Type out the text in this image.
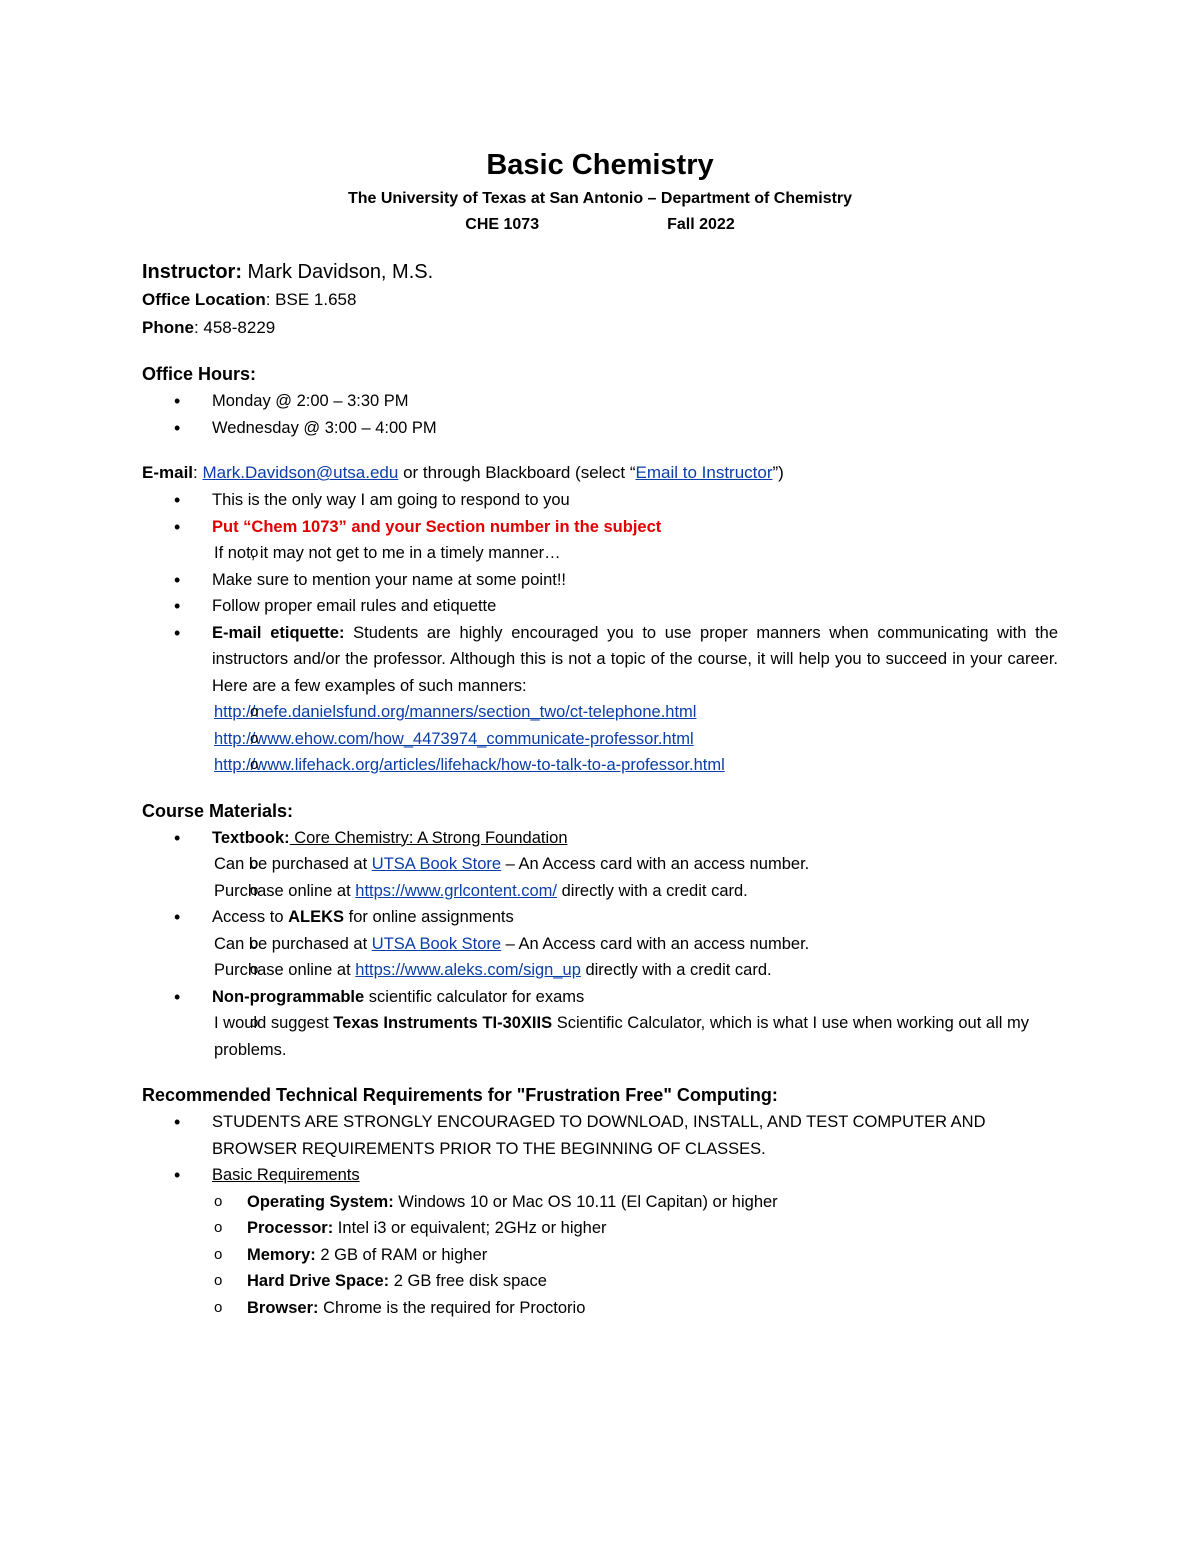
Basic Chemistry
The University of Texas at San Antonio – Department of Chemistry
CHE 1073	Fall 2022
Instructor: Mark Davidson, M.S.
Office Location: BSE 1.658
Phone: 458-8229
Office Hours:
• Monday @ 2:00 – 3:30 PM
• Wednesday @ 3:00 – 4:00 PM
E-mail: Mark.Davidson@utsa.edu or through Blackboard (select “Email to Instructor”)
• This is the only way I am going to respond to you
• Put “Chem 1073” and your Section number in the subject
o If not, it may not get to me in a timely manner…
• Make sure to mention your name at some point!!
• Follow proper email rules and etiquette
• E-mail etiquette: Students are highly encouraged you to use proper manners when communicating with the instructors and/or the professor. Although this is not a topic of the course, it will help you to succeed in your career. Here are a few examples of such manners:
o http://nefe.danielsfund.org/manners/section_two/ct-telephone.html
o http://www.ehow.com/how_4473974_communicate-professor.html
o http://www.lifehack.org/articles/lifehack/how-to-talk-to-a-professor.html
Course Materials:
• Textbook: Core Chemistry: A Strong Foundation
o Can be purchased at UTSA Book Store – An Access card with an access number.
o Purchase online at https://www.grlcontent.com/ directly with a credit card.
• Access to ALEKS for online assignments
o Can be purchased at UTSA Book Store – An Access card with an access number.
o Purchase online at https://www.aleks.com/sign_up directly with a credit card.
• Non-programmable scientific calculator for exams
o I would suggest Texas Instruments TI-30XIIS Scientific Calculator, which is what I use when working out all my problems.
Recommended Technical Requirements for "Frustration Free" Computing:
• STUDENTS ARE STRONGLY ENCOURAGED TO DOWNLOAD, INSTALL, AND TEST COMPUTER AND BROWSER REQUIREMENTS PRIOR TO THE BEGINNING OF CLASSES.
• Basic Requirements
o Operating System: Windows 10 or Mac OS 10.11 (El Capitan) or higher
o Processor: Intel i3 or equivalent; 2GHz or higher
o Memory: 2 GB of RAM or higher
o Hard Drive Space: 2 GB free disk space
o Browser: Chrome is the required for Proctorio
